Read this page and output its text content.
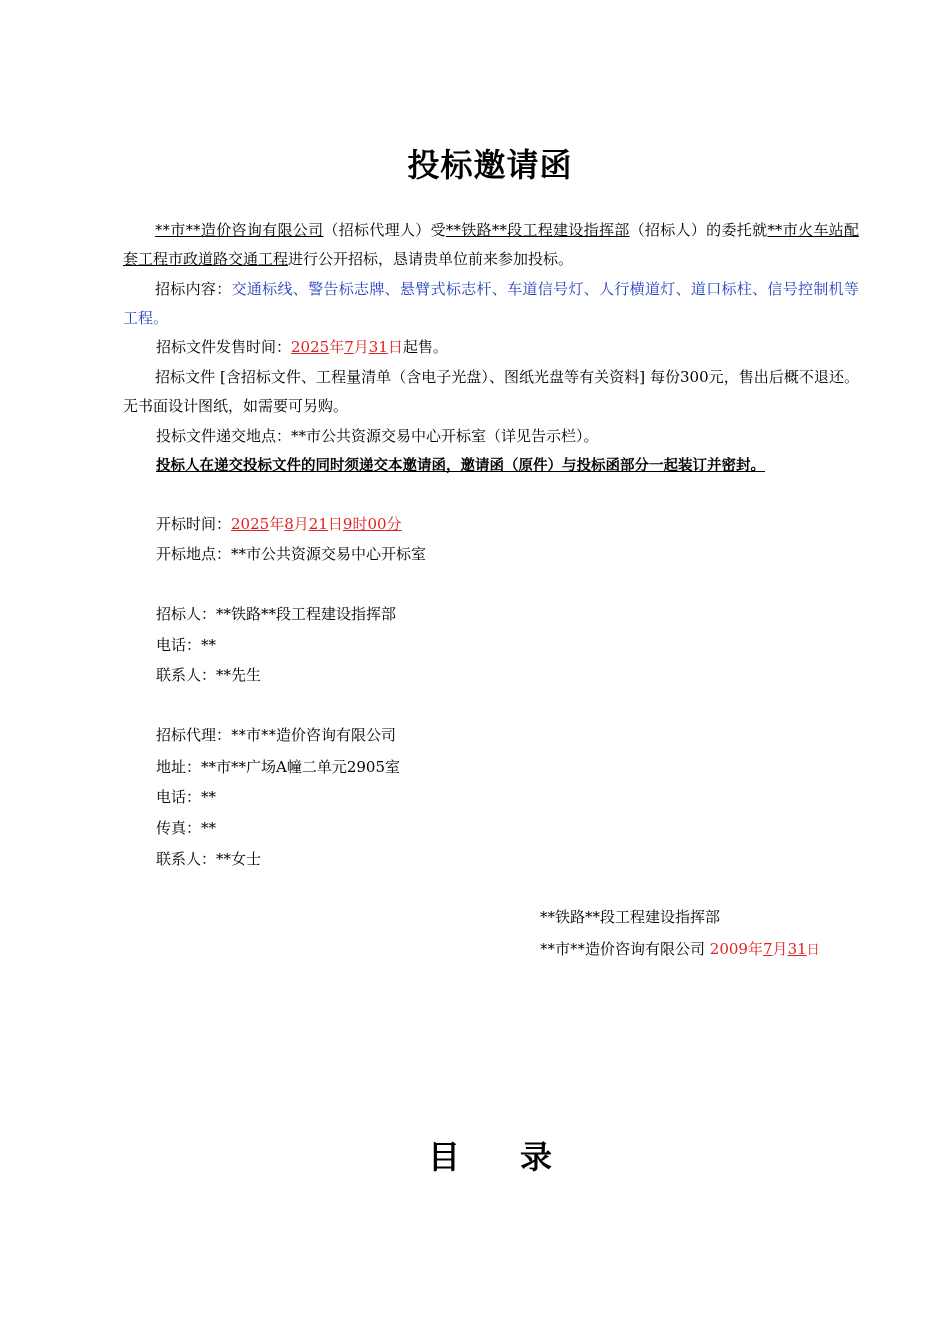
投标邀请函
**市**造价咨询有限公司（招标代理人）受**铁路**段工程建设指挥部（招标人）的委托就**市火车站配套工程市政道路交通工程进行公开招标，恳请贵单位前来参加投标。
招标内容：交通标线、警告标志牌、悬臂式标志杆、车道信号灯、人行横道灯、道口标柱、信号控制机等工程。
招标文件发售时间：2025年7月31日起售。
招标文件 [含招标文件、工程量清单（含电子光盘）、图纸光盘等有关资料] 每份300元，售出后概不退还。无书面设计图纸，如需要可另购。
投标文件递交地点：**市公共资源交易中心开标室（详见告示栏）。
投标人在递交投标文件的同时须递交本邀请函，邀请函（原件）与投标函部分一起装订并密封。
开标时间：2025年8月21日9时00分
开标地点：**市公共资源交易中心开标室
招标人：**铁路**段工程建设指挥部
电话：**
联系人：**先生
招标代理：**市**造价咨询有限公司
地址：**市**广场A幢二单元2905室
电话：**
传真：**
联系人：**女士
**铁路**段工程建设指挥部
**市**造价咨询有限公司 2009年7月31日
目 录
